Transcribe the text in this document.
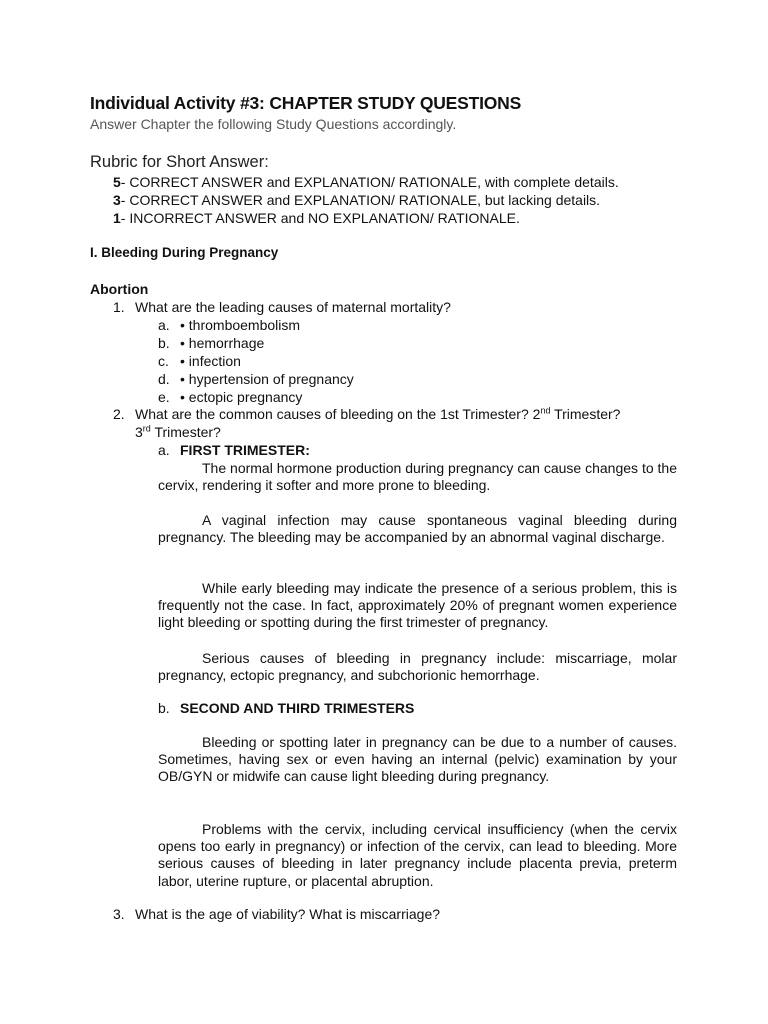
Individual Activity #3: CHAPTER STUDY QUESTIONS
Answer Chapter the following Study Questions accordingly.
Rubric for Short Answer:
5- CORRECT ANSWER and EXPLANATION/ RATIONALE, with complete details.
3- CORRECT ANSWER and EXPLANATION/ RATIONALE, but lacking details.
1- INCORRECT ANSWER and NO EXPLANATION/ RATIONALE.
I. Bleeding During Pregnancy
Abortion
1. What are the leading causes of maternal mortality?
a. • thromboembolism
b. • hemorrhage
c. • infection
d. • hypertension of pregnancy
e. • ectopic pregnancy
2. What are the common causes of bleeding on the 1st Trimester? 2nd Trimester?
3rd Trimester?
a. FIRST TRIMESTER:

The normal hormone production during pregnancy can cause changes to the cervix, rendering it softer and more prone to bleeding.

A vaginal infection may cause spontaneous vaginal bleeding during pregnancy. The bleeding may be accompanied by an abnormal vaginal discharge.

While early bleeding may indicate the presence of a serious problem, this is frequently not the case. In fact, approximately 20% of pregnant women experience light bleeding or spotting during the first trimester of pregnancy.

Serious causes of bleeding in pregnancy include: miscarriage, molar pregnancy, ectopic pregnancy, and subchorionic hemorrhage.

b. SECOND AND THIRD TRIMESTERS

Bleeding or spotting later in pregnancy can be due to a number of causes. Sometimes, having sex or even having an internal (pelvic) examination by your OB/GYN or midwife can cause light bleeding during pregnancy.

Problems with the cervix, including cervical insufficiency (when the cervix opens too early in pregnancy) or infection of the cervix, can lead to bleeding. More serious causes of bleeding in later pregnancy include placenta previa, preterm labor, uterine rupture, or placental abruption.

3. What is the age of viability? What is miscarriage?
